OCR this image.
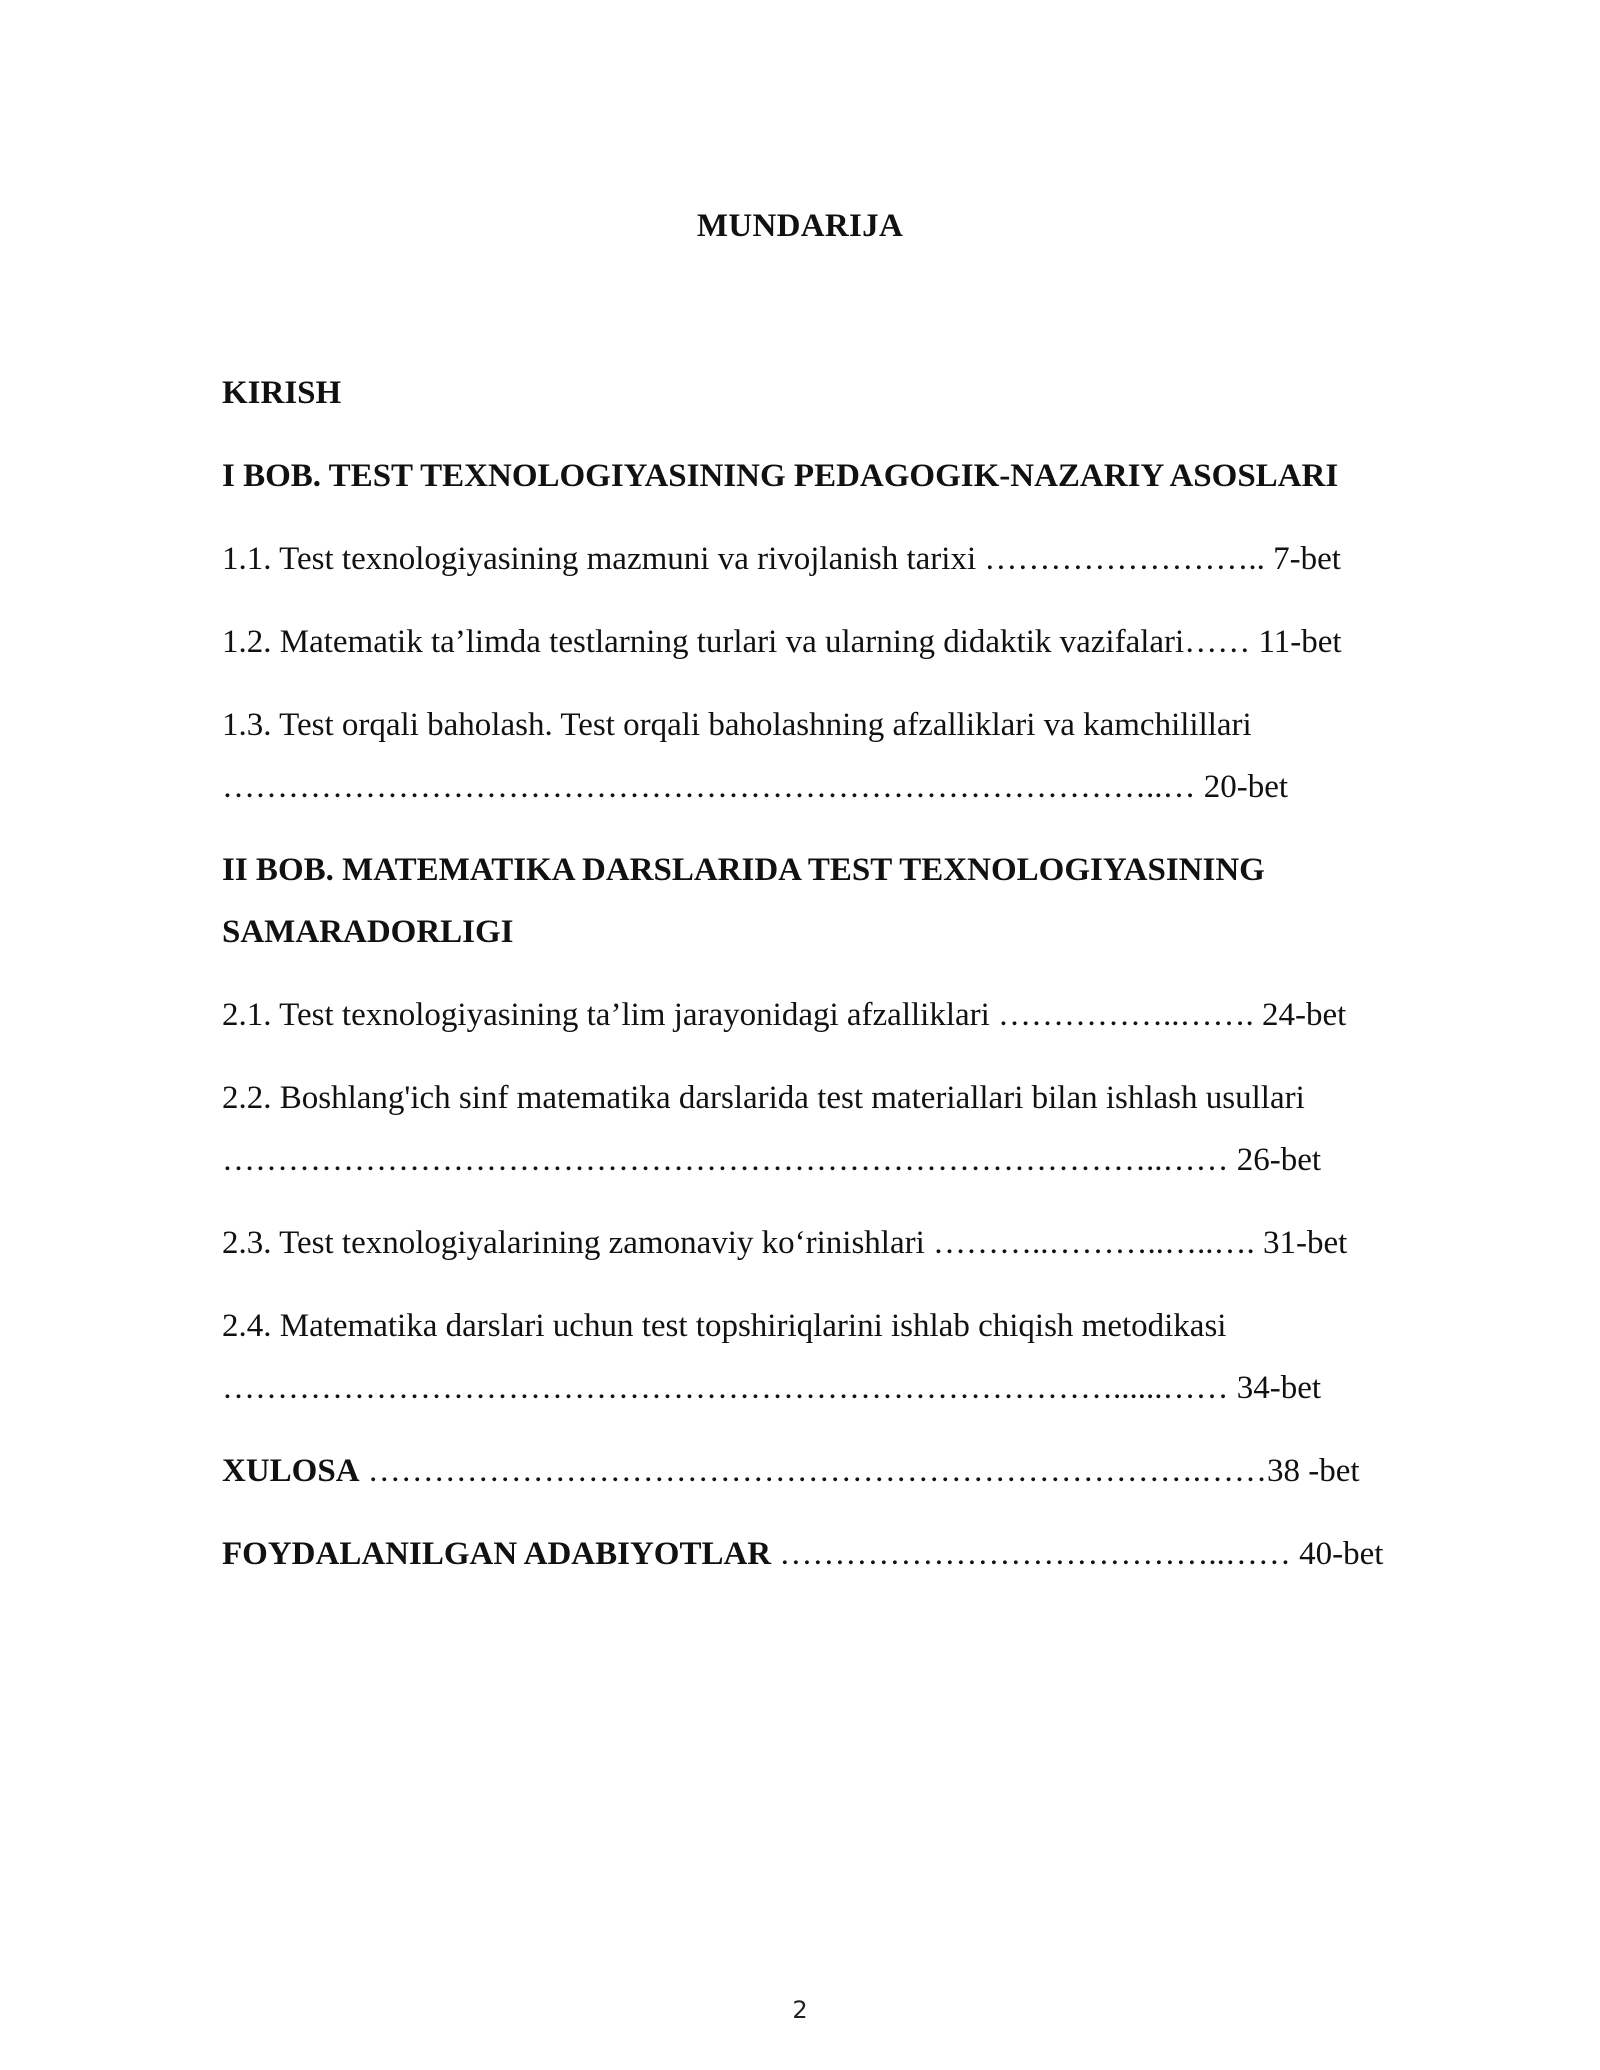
MUNDARIJA
KIRISH
I BOB. TEST TEXNOLOGIYASINING PEDAGOGIK-NAZARIY ASOSLARI
1.1. Test texnologiyasining mazmuni va rivojlanish tarixi …………………….. 7-bet
1.2. Matematik ta’limda testlarning turlari va ularning didaktik vazifalari…… 11-bet
1.3. Test orqali baholash. Test orqali baholashning afzalliklari va kamchilillari
…………………………………………………………………………..… 20-bet
II BOB. MATEMATIKA DARSLARIDA TEST TEXNOLOGIYASINING
SAMARADORLIGI
2.1. Test texnologiyasining ta’lim jarayonidagi afzalliklari ……………..……. 24-bet
2.2. Boshlang'ich sinf matematika darslarida test materiallari bilan ishlash usullari
…………………………………………………………………………..…… 26-bet
2.3. Test texnologiyalarining zamonaviy ko‘rinishlari ………..………..…..…. 31-bet
2.4. Matematika darslari uchun test topshiriqlarini ishlab chiqish metodikasi
………………………………………………………………………......…… 34-bet
XULOSA ………………………………………………………………….……38 -bet
FOYDALANILGAN ADABIYOTLAR …………………………………..…… 40-bet
2
